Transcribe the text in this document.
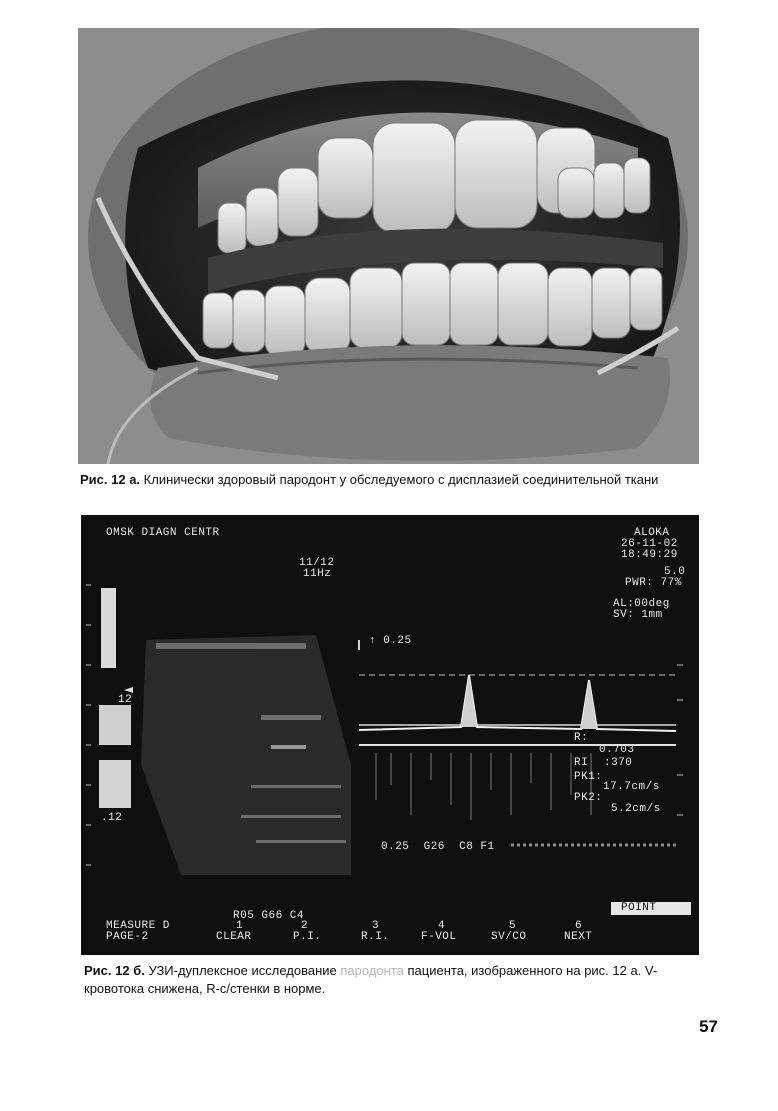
Рис. 12 а. Клинически здоровый пародонт у обследуемого с дисплазией соединительной ткани
OMSK DIAGN CENTR	ALOKA
26-11-02
18:49:29
11/12
11Hz	5.0
PWR: 77%
AL:00deg
SV: 1mm
↑ 0.25
12
.12
R:
0.703
RI :370
PK1:
17.7cm/s
PK2:
5.2cm/s
0.25  G26  C8 F1
R05 G66 C4
POINT
MEASURE D
PAGE-2
1
CLEAR
2
P.I.
3
R.I.
4
F-VOL
5
SV/CO
6
NEXT
Рис. 12 б. УЗИ-дуплексное исследование пародонта пациента, изображенного на рис. 12 а. V-
кровотока снижена, R-с/стенки в норме.
57
